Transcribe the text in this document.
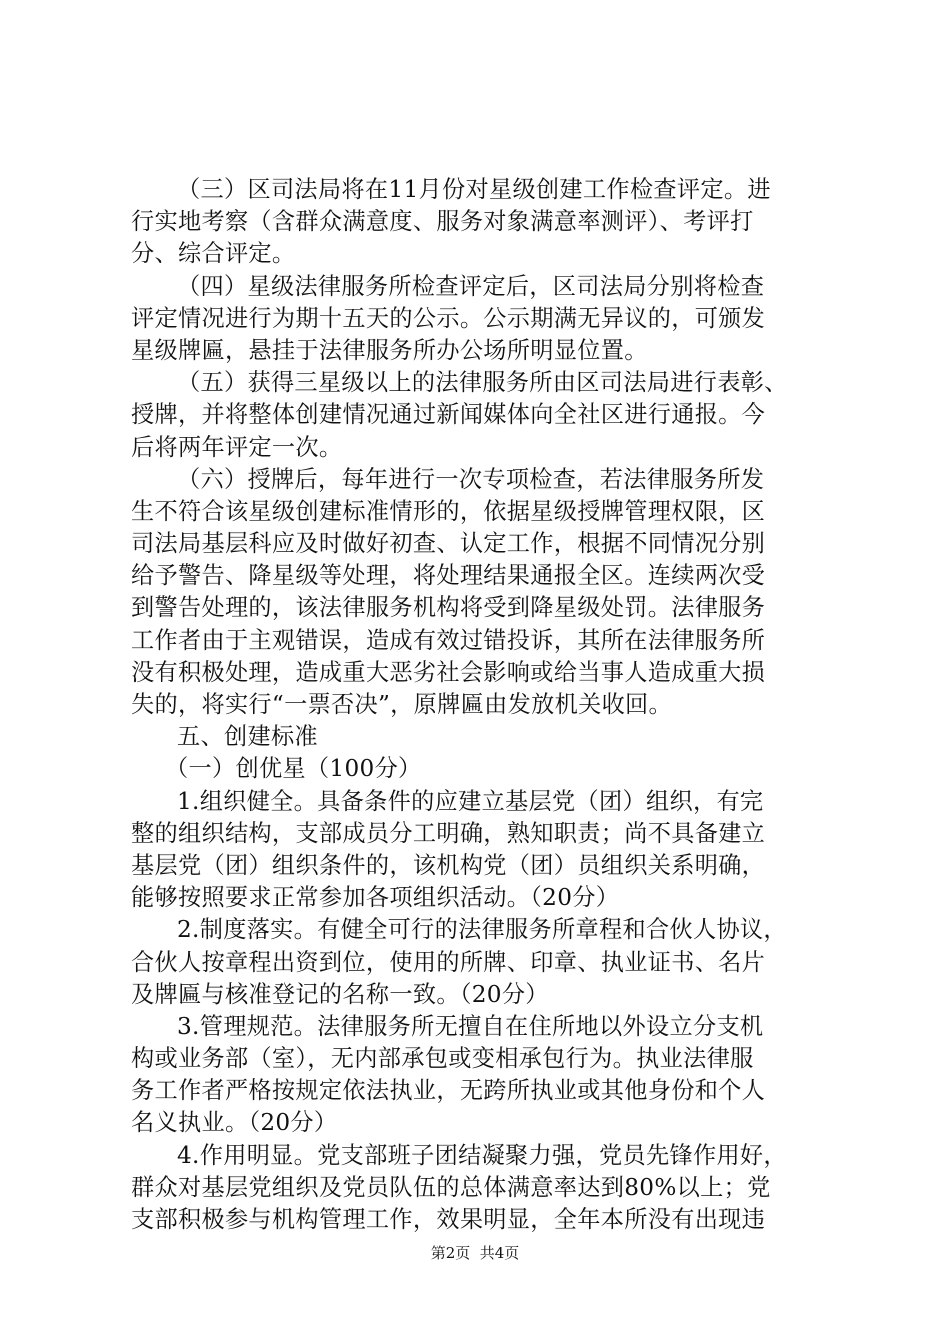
（三）区司法局将在11月份对星级创建工作检查评定。进
行实地考察（含群众满意度、服务对象满意率测评）、考评打
分、综合评定。
（四）星级法律服务所检查评定后，区司法局分别将检查
评定情况进行为期十五天的公示。公示期满无异议的，可颁发
星级牌匾，悬挂于法律服务所办公场所明显位置。
（五）获得三星级以上的法律服务所由区司法局进行表彰、
授牌，并将整体创建情况通过新闻媒体向全社区进行通报。今
后将两年评定一次。
（六）授牌后，每年进行一次专项检查，若法律服务所发
生不符合该星级创建标准情形的，依据星级授牌管理权限，区
司法局基层科应及时做好初查、认定工作，根据不同情况分别
给予警告、降星级等处理，将处理结果通报全区。连续两次受
到警告处理的，该法律服务机构将受到降星级处罚。法律服务
工作者由于主观错误，造成有效过错投诉，其所在法律服务所
没有积极处理，造成重大恶劣社会影响或给当事人造成重大损
失的，将实行“一票否决”，原牌匾由发放机关收回。
五、创建标准
（一）创优星（100分）
1.组织健全。具备条件的应建立基层党（团）组织，有完
整的组织结构，支部成员分工明确，熟知职责；尚不具备建立
基层党（团）组织条件的，该机构党（团）员组织关系明确，
能够按照要求正常参加各项组织活动。（20分）
2.制度落实。有健全可行的法律服务所章程和合伙人协议，
合伙人按章程出资到位，使用的所牌、印章、执业证书、名片
及牌匾与核准登记的名称一致。（20分）
3.管理规范。法律服务所无擅自在住所地以外设立分支机
构或业务部（室），无内部承包或变相承包行为。执业法律服
务工作者严格按规定依法执业，无跨所执业或其他身份和个人
名义执业。（20分）
4.作用明显。党支部班子团结凝聚力强，党员先锋作用好，
群众对基层党组织及党员队伍的总体满意率达到80%以上；党
支部积极参与机构管理工作，效果明显，全年本所没有出现违
第2页  共4页
